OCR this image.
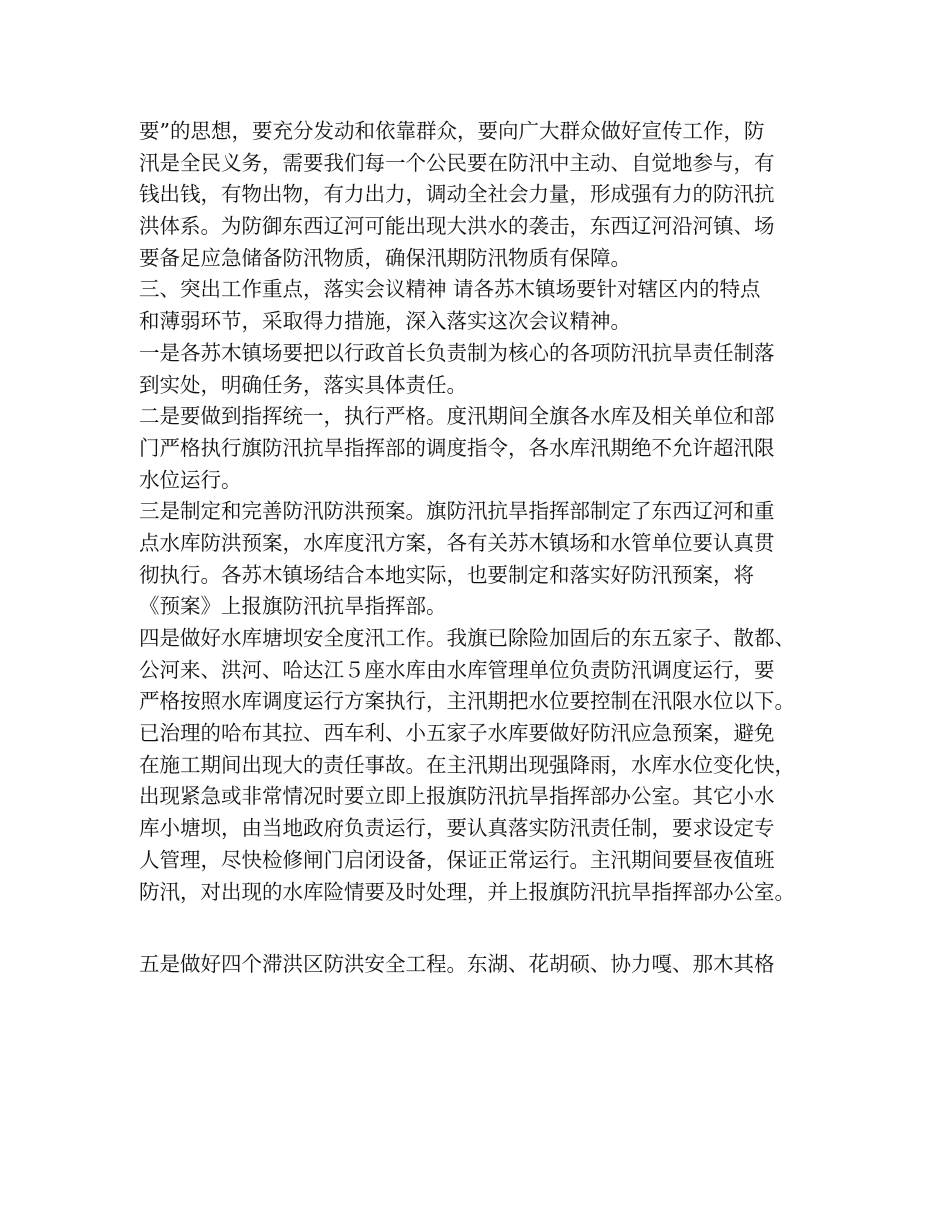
要”的思想，要充分发动和依靠群众，要向广大群众做好宣传工作，防
汛是全民义务，需要我们每一个公民要在防汛中主动、自觉地参与，有
钱出钱，有物出物，有力出力，调动全社会力量，形成强有力的防汛抗
洪体系。为防御东西辽河可能出现大洪水的袭击，东西辽河沿河镇、场
要备足应急储备防汛物质，确保汛期防汛物质有保障。
三、突出工作重点，落实会议精神 请各苏木镇场要针对辖区内的特点
和薄弱环节，采取得力措施，深入落实这次会议精神。
一是各苏木镇场要把以行政首长负责制为核心的各项防汛抗旱责任制落
到实处，明确任务，落实具体责任。
二是要做到指挥统一，执行严格。度汛期间全旗各水库及相关单位和部
门严格执行旗防汛抗旱指挥部的调度指令，各水库汛期绝不允许超汛限
水位运行。
三是制定和完善防汛防洪预案。旗防汛抗旱指挥部制定了东西辽河和重
点水库防洪预案，水库度汛方案，各有关苏木镇场和水管单位要认真贯
彻执行。各苏木镇场结合本地实际，也要制定和落实好防汛预案，将
《预案》上报旗防汛抗旱指挥部。
四是做好水库塘坝安全度汛工作。我旗已除险加固后的东五家子、散都、
公河来、洪河、哈达江５座水库由水库管理单位负责防汛调度运行，要
严格按照水库调度运行方案执行，主汛期把水位要控制在汛限水位以下。
已治理的哈布其拉、西车利、小五家子水库要做好防汛应急预案，避免
在施工期间出现大的责任事故。在主汛期出现强降雨，水库水位变化快，
出现紧急或非常情况时要立即上报旗防汛抗旱指挥部办公室。其它小水
库小塘坝，由当地政府负责运行，要认真落实防汛责任制，要求设定专
人管理，尽快检修闸门启闭设备，保证正常运行。主汛期间要昼夜值班
防汛，对出现的水库险情要及时处理，并上报旗防汛抗旱指挥部办公室。
五是做好四个滞洪区防洪安全工程。东湖、花胡硕、协力嘎、那木其格
